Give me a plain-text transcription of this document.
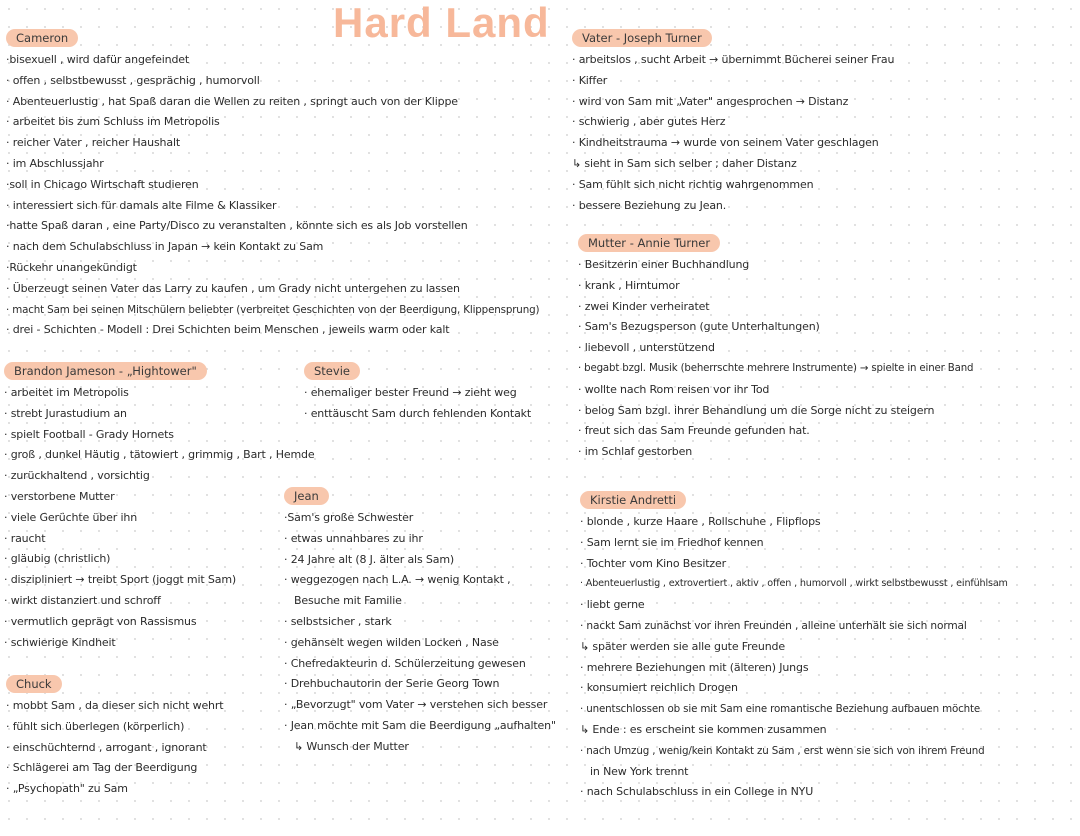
Hard Land
Cameron
·bisexuell , wird dafür angefeindet
· offen , selbstbewusst , gesprächig , humorvoll
· Abenteuerlustig , hat Spaß daran die Wellen zu reiten , springt auch von der Klippe
· arbeitet bis zum Schluss im Metropolis
· reicher Vater , reicher Haushalt
· im Abschlussjahr
·soll in Chicago Wirtschaft studieren
· interessiert sich für damals alte Filme & Klassiker
·hatte Spaß daran , eine Party/Disco zu veranstalten , könnte sich es als Job vorstellen
· nach dem Schulabschluss in Japan → kein Kontakt zu Sam
·Rückehr unangekündigt
· Überzeugt seinen Vater das Larry zu kaufen , um Grady nicht untergehen zu lassen
· macht Sam bei seinen Mitschülern beliebter (verbreitet Geschichten von der Beerdigung, Klippensprung)
· drei - Schichten - Modell : Drei Schichten beim Menschen , jeweils warm oder kalt
Brandon Jameson - „Hightower"
· arbeitet im Metropolis
· strebt Jurastudium an
· spielt Football - Grady Hornets
· groß , dunkel Häutig , tätowiert , grimmig , Bart , Hemde
· zurückhaltend , vorsichtig
· verstorbene Mutter
· viele Gerüchte über ihn
· raucht
· gläubig (christlich)
· diszipliniert → treibt Sport (joggt mit Sam)
· wirkt distanziert und schroff
· vermutlich geprägt von Rassismus
· schwierige Kindheit
Chuck
· mobbt Sam , da dieser sich nicht wehrt
· fühlt sich überlegen (körperlich)
· einschüchternd , arrogant , ignorant
· Schlägerei am Tag der Beerdigung
· „Psychopath" zu Sam
Stevie
· ehemaliger bester Freund → zieht weg
· enttäuscht Sam durch fehlenden Kontakt
Jean
·Sam's große Schwester
· etwas unnahbares zu ihr
· 24 Jahre alt (8 J. älter als Sam)
· weggezogen nach L.A. → wenig Kontakt ,
Besuche mit Familie
· selbstsicher , stark
· gehänselt wegen wilden Locken , Nase
· Chefredakteurin d. Schülerzeitung gewesen
· Drehbuchautorin der Serie Georg Town
· „Bevorzugt" vom Vater → verstehen sich besser
· Jean möchte mit Sam die Beerdigung „aufhalten"
↳ Wunsch der Mutter
Vater - Joseph Turner
· arbeitslos , sucht Arbeit → übernimmt Bücherei seiner Frau
· Kiffer
· wird von Sam mit „Vater" angesprochen → Distanz
· schwierig , aber gutes Herz
· Kindheitstrauma → wurde von seinem Vater geschlagen
↳ sieht in Sam sich selber ; daher Distanz
· Sam fühlt sich nicht richtig wahrgenommen
· bessere Beziehung zu Jean.
Mutter - Annie Turner
· Besitzerin einer Buchhandlung
· krank , Hirntumor
· zwei Kinder verheiratet
· Sam's Bezugsperson (gute Unterhaltungen)
· liebevoll , unterstützend
· begabt bzgl. Musik (beherrschte mehrere Instrumente) → spielte in einer Band
· wollte nach Rom reisen vor ihr Tod
· belog Sam bzgl. ihrer Behandlung um die Sorge nicht zu steigern
· freut sich das Sam Freunde gefunden hat.
· im Schlaf gestorben
Kirstie Andretti
· blonde , kurze Haare , Rollschuhe , Flipflops
· Sam lernt sie im Friedhof kennen
· Tochter vom Kino Besitzer
· Abenteuerlustig , extrovertiert , aktiv , offen , humorvoll , wirkt selbstbewusst , einfühlsam
· liebt gerne
· nackt Sam zunächst vor ihren Freunden , alleine unterhält sie sich normal
↳ später werden sie alle gute Freunde
· mehrere Beziehungen mit (älteren) Jungs
· konsumiert reichlich Drogen
· unentschlossen ob sie mit Sam eine romantische Beziehung aufbauen möchte
↳ Ende : es erscheint sie kommen zusammen
· nach Umzug , wenig/kein Kontakt zu Sam , erst wenn sie sich von ihrem Freund
in New York trennt
· nach Schulabschluss in ein College in NYU
